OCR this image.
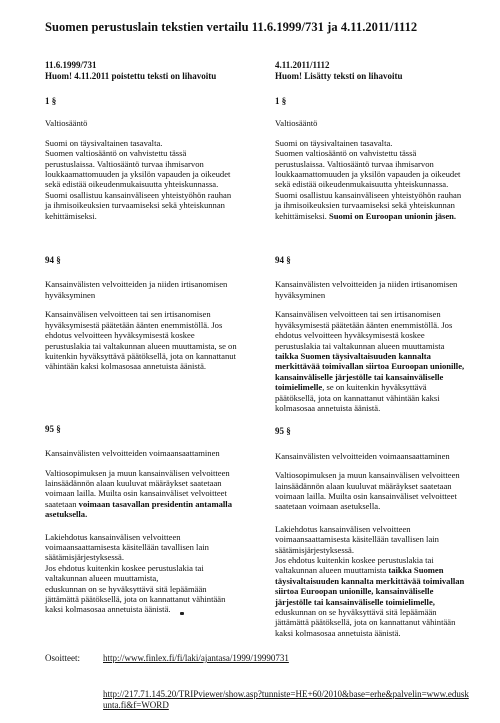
Suomen perustuslain tekstien vertailu 11.6.1999/731 ja 4.11.2011/1112
11.6.1999/731
Huom! 4.11.2011 poistettu teksti on lihavoitu
1 §
Valtiosääntö
Suomi on täysivaltainen tasavalta.
Suomen valtiosääntö on vahvistettu tässä
perustuslaissa. Valtiosääntö turvaa ihmisarvon
loukkaamattomuuden ja yksilön vapauden ja oikeudet
sekä edistää oikeudenmukaisuutta yhteiskunnassa.
Suomi osallistuu kansainväliseen yhteistyöhön rauhan
ja ihmisoikeuksien turvaamiseksi sekä yhteiskunnan
kehittämiseksi.
94 §
Kansainvälisten velvoitteiden ja niiden irtisanomisen
hyväksyminen
Kansainvälisen velvoitteen tai sen irtisanomisen
hyväksymisestä päätetään äänten enemmistöllä. Jos
ehdotus velvoitteen hyväksymisestä koskee
perustuslakia tai valtakunnan alueen muuttamista, se on
kuitenkin hyväksyttävä päätöksellä, jota on kannattanut
vähintään kaksi kolmasosaa annetuista äänistä.
95 §
Kansainvälisten velvoitteiden voimaansaattaminen
Valtiosopimuksen ja muun kansainvälisen velvoitteen
lainsäädännön alaan kuuluvat määräykset saatetaan
voimaan lailla. Muilta osin kansainväliset velvoitteet
saatetaan voimaan tasavallan presidentin antamalla
asetuksella.
Lakiehdotus kansainvälisen velvoitteen
voimaansaattamisesta käsitellään tavallisen lain
säätämisjärjestyksessä.
Jos ehdotus kuitenkin koskee perustuslakia tai
valtakunnan alueen muuttamista,
eduskunnan on se hyväksyttävä sitä lepäämään
jättämättä päätöksellä, jota on kannattanut vähintään
kaksi kolmasosaa annetuista äänistä.
4.11.2011/1112
Huom! Lisätty teksti on lihavoitu
1 §
Valtiosääntö
Suomi on täysivaltainen tasavalta.
Suomen valtiosääntö on vahvistettu tässä
perustuslaissa. Valtiosääntö turvaa ihmisarvon
loukkaamattomuuden ja yksilön vapauden ja oikeudet
sekä edistää oikeudenmukaisuutta yhteiskunnassa.
Suomi osallistuu kansainväliseen yhteistyöhön rauhan
ja ihmisoikeuksien turvaamiseksi sekä yhteiskunnan
kehittämiseksi. Suomi on Euroopan unionin jäsen.
94 §
Kansainvälisten velvoitteiden ja niiden irtisanomisen
hyväksyminen
Kansainvälisen velvoitteen tai sen irtisanomisen
hyväksymisestä päätetään äänten enemmistöllä. Jos
ehdotus velvoitteen hyväksymisestä koskee
perustuslakia tai valtakunnan alueen muuttamista
taikka Suomen täysivaltaisuuden kannalta
merkittävää toimivallan siirtoa Euroopan unionille,
kansainväliselle järjestölle tai kansainväliselle
toimielimelle, se on kuitenkin hyväksyttävä
päätöksellä, jota on kannattanut vähintään kaksi
kolmasosaa annetuista äänistä.
95 §
Kansainvälisten velvoitteiden voimaansaattaminen
Valtiosopimuksen ja muun kansainvälisen velvoitteen
lainsäädännön alaan kuuluvat määräykset saatetaan
voimaan lailla. Muilta osin kansainväliset velvoitteet
saatetaan voimaan asetuksella.
Lakiehdotus kansainvälisen velvoitteen
voimaansaattamisesta käsitellään tavallisen lain
säätämisjärjestyksessä.
Jos ehdotus kuitenkin koskee perustuslakia tai
valtakunnan alueen muuttamista taikka Suomen
täysivaltaisuuden kannalta merkittävää toimivallan
siirtoa Euroopan unionille, kansainväliselle
järjestölle tai kansainväliselle toimielimelle,
eduskunnan on se hyväksyttävä sitä lepäämään
jättämättä päätöksellä, jota on kannattanut vähintään
kaksi kolmasosaa annetuista äänistä.
Osoitteet:	http://www.finlex.fi/fi/laki/ajantasa/1999/19990731
http://217.71.145.20/TRIPviewer/show.asp?tunniste=HE+60/2010&base=erhe&palvelin=www.eduskunta.fi&f=WORD
